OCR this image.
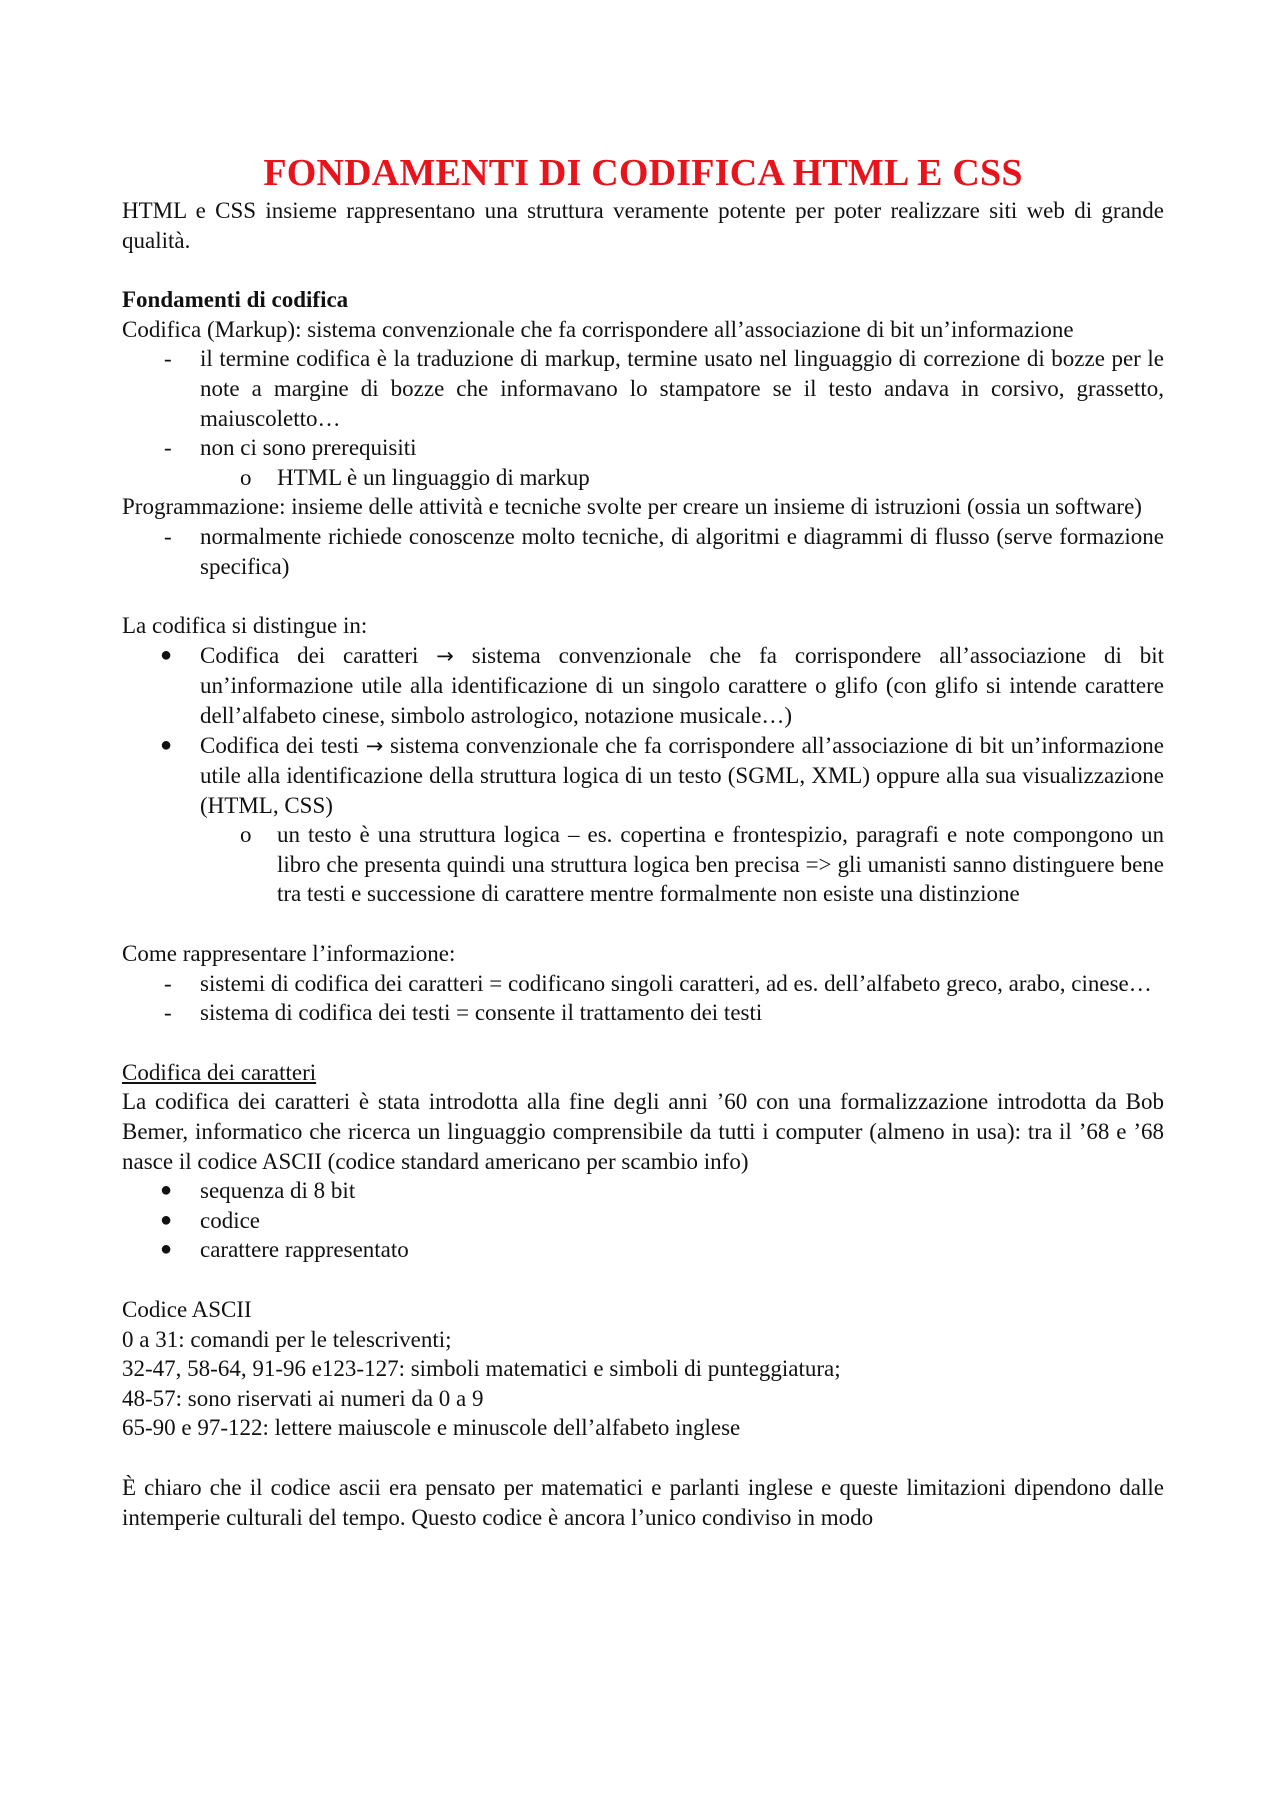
FONDAMENTI DI CODIFICA HTML E CSS

HTML e CSS insieme rappresentano una struttura veramente potente per poter realizzare siti web di grande qualità.

Fondamenti di codifica

Codifica (Markup): sistema convenzionale che fa corrispondere all’associazione di bit un’informazione

- il termine codifica è la traduzione di markup, termine usato nel linguaggio di correzione di bozze per le note a margine di bozze che informavano lo stampatore se il testo andava in corsivo, grassetto, maiuscoletto…
- non ci sono prerequisiti
o HTML è un linguaggio di markup

Programmazione: insieme delle attività e tecniche svolte per creare un insieme di istruzioni (ossia un software)

- normalmente richiede conoscenze molto tecniche, di algoritmi e diagrammi di flusso (serve formazione specifica)

La codifica si distingue in:

● Codifica dei caratteri → sistema convenzionale che fa corrispondere all’associazione di bit un’informazione utile alla identificazione di un singolo carattere o glifo (con glifo si intende carattere dell’alfabeto cinese, simbolo astrologico, notazione musicale…)
● Codifica dei testi → sistema convenzionale che fa corrispondere all’associazione di bit un’informazione utile alla identificazione della struttura logica di un testo (SGML, XML) oppure alla sua visualizzazione (HTML, CSS)
o un testo è una struttura logica – es. copertina e frontespizio, paragrafi e note compongono un libro che presenta quindi una struttura logica ben precisa => gli umanisti sanno distinguere bene tra testi e successione di carattere mentre formalmente non esiste una distinzione

Come rappresentare l’informazione:

- sistemi di codifica dei caratteri = codificano singoli caratteri, ad es. dell’alfabeto greco, arabo, cinese…
- sistema di codifica dei testi = consente il trattamento dei testi

Codifica dei caratteri

La codifica dei caratteri è stata introdotta alla fine degli anni ’60 con una formalizzazione introdotta da Bob Bemer, informatico che ricerca un linguaggio comprensibile da tutti i computer (almeno in usa): tra il ’68 e ’68 nasce il codice ASCII (codice standard americano per scambio info)

● sequenza di 8 bit
● codice
● carattere rappresentato

Codice ASCII

0 a 31: comandi per le telescriventi;

32-47, 58-64, 91-96 e123-127: simboli matematici e simboli di punteggiatura;

48-57: sono riservati ai numeri da 0 a 9

65-90 e 97-122: lettere maiuscole e minuscole dell’alfabeto inglese

È chiaro che il codice ascii era pensato per matematici e parlanti inglese e queste limitazioni dipendono dalle intemperie culturali del tempo. Questo codice è ancora l’unico condiviso in modo
